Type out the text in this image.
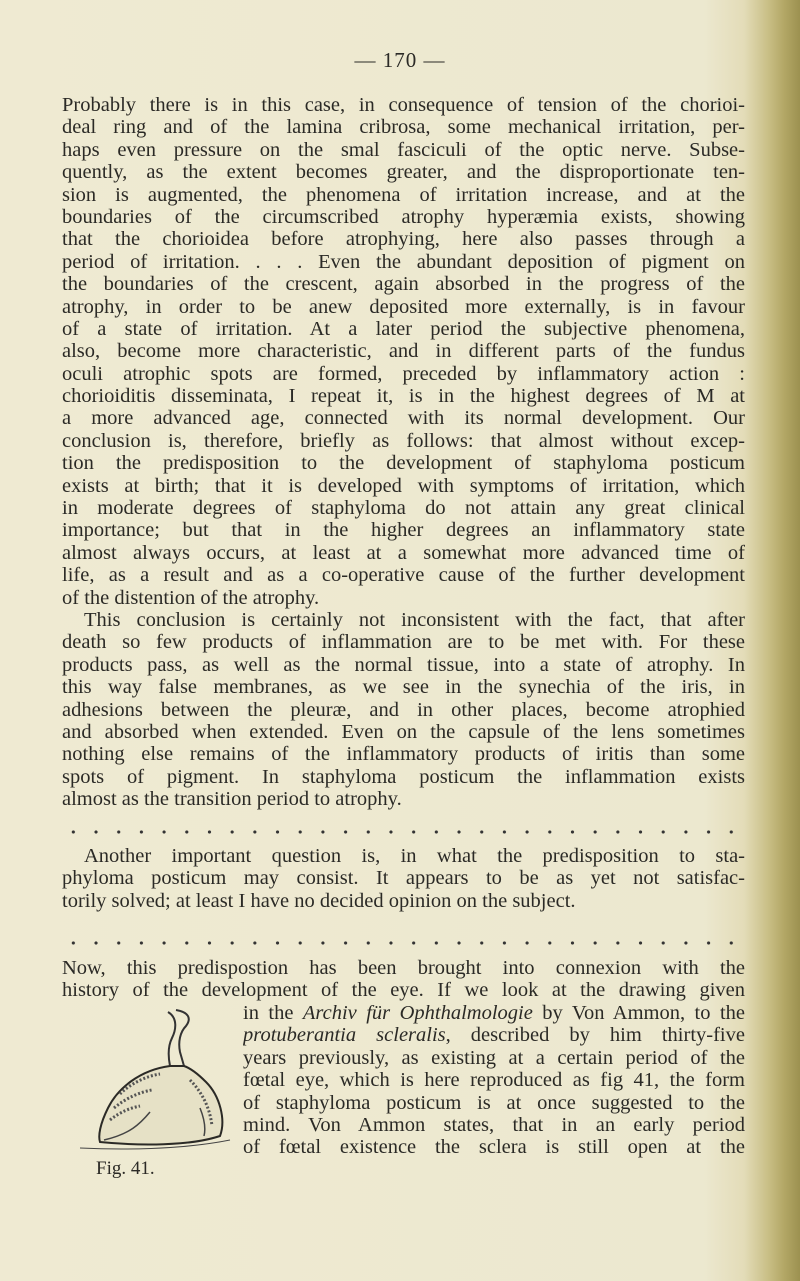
— 170 —
Probably there is in this case, in consequence of tension of the chorioi-
deal ring and of the lamina cribrosa, some mechanical irritation, per-
haps even pressure on the smal fasciculi of the optic nerve. Subse-
quently, as the extent becomes greater, and the disproportionate ten-
sion is augmented, the phenomena of irritation increase, and at the
boundaries of the circumscribed atrophy hyperæmia exists, showing
that the chorioidea before atrophying, here also passes through a
period of irritation. . . . Even the abundant deposition of pigment on
the boundaries of the crescent, again absorbed in the progress of the
atrophy, in order to be anew deposited more externally, is in favour
of a state of irritation. At a later period the subjective phenomena,
also, become more characteristic, and in different parts of the fundus
oculi atrophic spots are formed, preceded by inflammatory action :
chorioiditis disseminata, I repeat it, is in the highest degrees of M at
a more advanced age, connected with its normal development. Our
conclusion is, therefore, briefly as follows: that almost without excep-
tion the predisposition to the development of staphyloma posticum
exists at birth; that it is developed with symptoms of irritation, which
in moderate degrees of staphyloma do not attain any great clinical
importance; but that in the higher degrees an inflammatory state
almost always occurs, at least at a somewhat more advanced time of
life, as a result and as a co-operative cause of the further development
of the distention of the atrophy.
This conclusion is certainly not inconsistent with the fact, that after
death so few products of inflammation are to be met with. For these
products pass, as well as the normal tissue, into a state of atrophy. In
this way false membranes, as we see in the synechia of the iris, in
adhesions between the pleuræ, and in other places, become atrophied
and absorbed when extended. Even on the capsule of the lens sometimes
nothing else remains of the inflammatory products of iritis than some
spots of pigment. In staphyloma posticum the inflammation exists
almost as the transition period to atrophy.
Another important question is, in what the predisposition to sta-
phyloma posticum may consist. It appears to be as yet not satisfac-
torily solved; at least I have no decided opinion on the subject.
Now, this predispostion has been brought into connexion with the
history of the development of the eye. If we look at the drawing given
in the Archiv für Ophthalmologie by Von Ammon, to the
protuberantia scleralis, described by him thirty-five
years previously, as existing at a certain period of the
fœtal eye, which is here reproduced as fig 41, the form
of staphyloma posticum is at once suggested to the
mind. Von Ammon states, that in an early period
of fœtal existence the sclera is still open at the
Fig. 41.
